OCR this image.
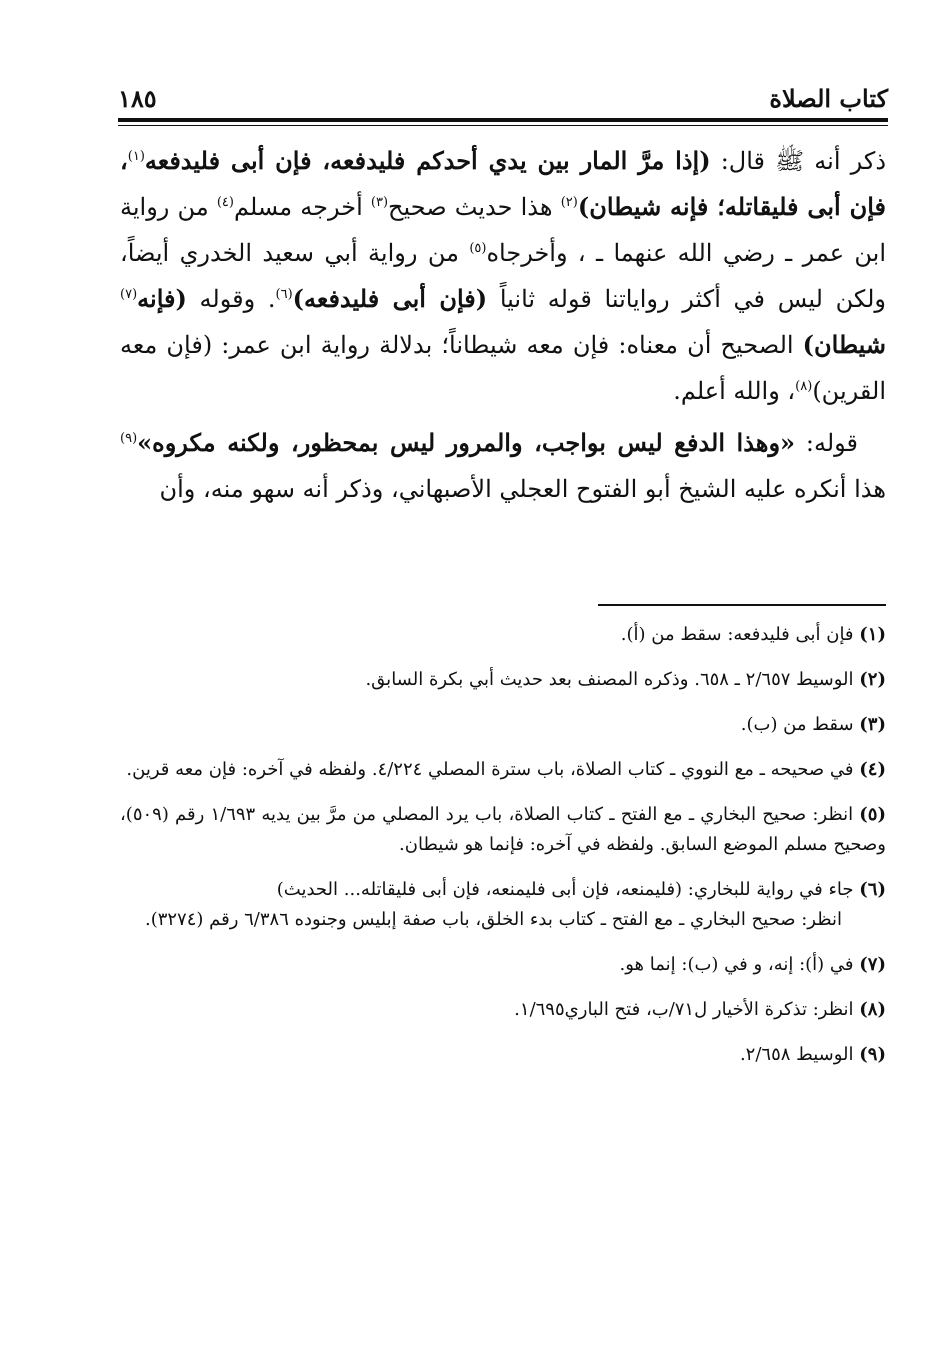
كتاب الصلاة
١٨٥

ذكر أنه ﷺ قال: (إذا مرَّ المار بين يدي أحدكم فليدفعه، فإن أبى فليدفعه$^{(١)}$، فإن أبى فليقاتله؛ فإنه شيطان)$^{(٢)}$ هذا حديث صحيح$^{(٣)}$ أخرجه مسلم$^{(٤)}$ من رواية ابن عمر ـ رضي الله عنهما ـ ، وأخرجاه$^{(٥)}$ من رواية أبي سعيد الخدري أيضاً، ولكن ليس في أكثر رواياتنا قوله ثانياً (فإن أبى فليدفعه)$^{(٦)}$. وقوله (فإنه$^{(٧)}$ شيطان) الصحيح أن معناه: فإن معه شيطاناً؛ بدلالة رواية ابن عمر: (فإن معه القرين)$^{(٨)}$، والله أعلم.

قوله: «وهذا الدفع ليس بواجب، والمرور ليس بمحظور، ولكنه مكروه»$^{(٩)}$ هذا أنكره عليه الشيخ أبو الفتوح العجلي الأصبهاني، وذكر أنه سهو منه، وأن

(١) فإن أبى فليدفعه: سقط من (أ).
(٢) الوسيط ٢/٦٥٧ ـ ٦٥٨. وذكره المصنف بعد حديث أبي بكرة السابق.
(٣) سقط من (ب).
(٤) في صحيحه ـ مع النووي ـ كتاب الصلاة، باب سترة المصلي ٤/٢٢٤. ولفظه في آخره: فإن معه قرين.
(٥) انظر: صحيح البخاري ـ مع الفتح ـ كتاب الصلاة، باب يرد المصلي من مرَّ بين يديه ١/٦٩٣ رقم (٥٠٩)، وصحيح مسلم الموضع السابق. ولفظه في آخره: فإنما هو شيطان.
(٦) جاء في رواية للبخاري: (فليمنعه، فإن أبى فليمنعه، فإن أبى فليقاتله... الحديث)
انظر: صحيح البخاري ـ مع الفتح ـ كتاب بدء الخلق، باب صفة إبليس وجنوده ٦/٣٨٦ رقم (٣٢٧٤).
(٧) في (أ): إنه، و في (ب): إنما هو.
(٨) انظر: تذكرة الأخيار ل٧١/ب، فتح الباري١/٦٩٥.
(٩) الوسيط ٢/٦٥٨.
